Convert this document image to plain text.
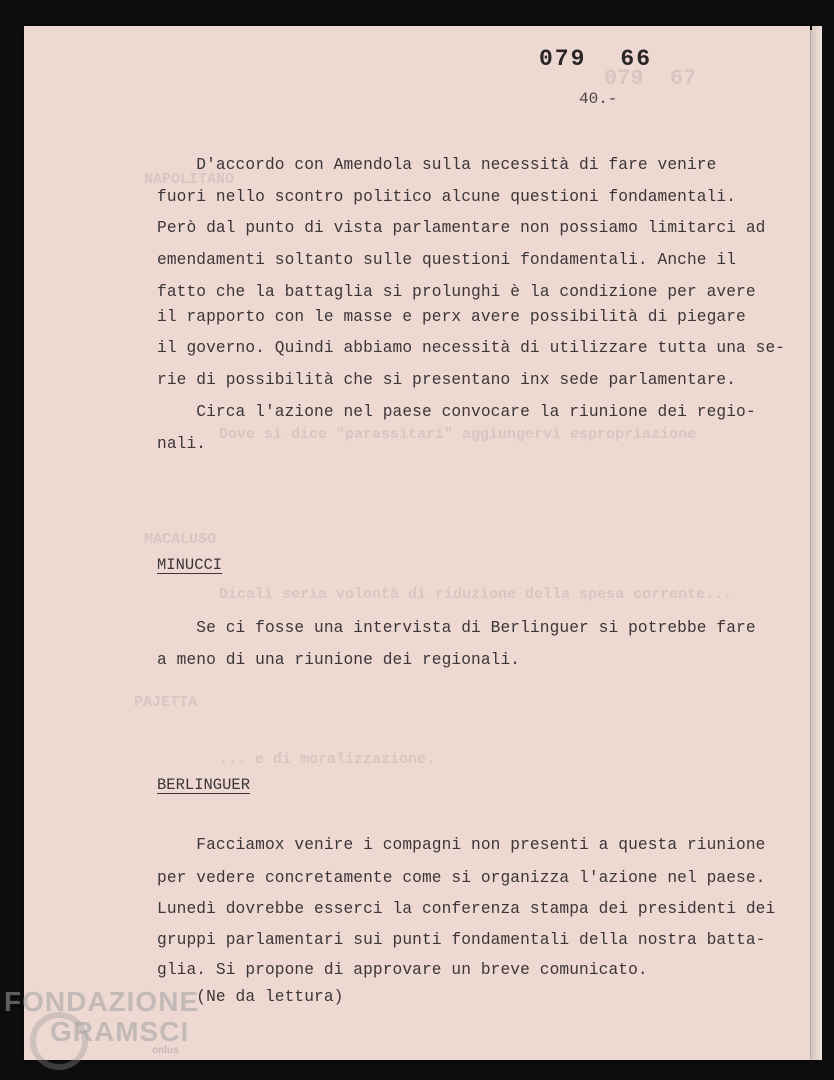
079  67
NAPOLITANO
MACALUSO
Dicali seria volontà di riduzione della spesa corrente...
PAJETTA
... e di moralizzazione.
Dove si dice "parassitari" aggiungervi espropriazione
079 66
40.-
D'accordo con Amendola sulla necessità di fare venire
fuori nello scontro politico alcune questioni fondamentali.
Però dal punto di vista parlamentare non possiamo limitarci ad
emendamenti soltanto sulle questioni fondamentali. Anche il
fatto che la battaglia si prolunghi è la condizione per avere
il rapporto con le masse e perx avere possibilità di piegare
il governo. Quindi abbiamo necessità di utilizzare tutta una se-
rie di possibilità che si presentano inx sede parlamentare.
Circa l'azione nel paese convocare la riunione dei regio-
nali.
MINUCCI
Se ci fosse una intervista di Berlinguer si potrebbe fare
a meno di una riunione dei regionali.
BERLINGUER
Facciamox venire i compagni non presenti a questa riunione
per vedere concretamente come si organizza l'azione nel paese.
Lunedì dovrebbe esserci la conferenza stampa dei presidenti dei
gruppi parlamentari sui punti fondamentali della nostra batta-
glia. Si propone di approvare un breve comunicato.
(Ne da lettura)
FONDAZIONE
GRAMSCI
onlus
